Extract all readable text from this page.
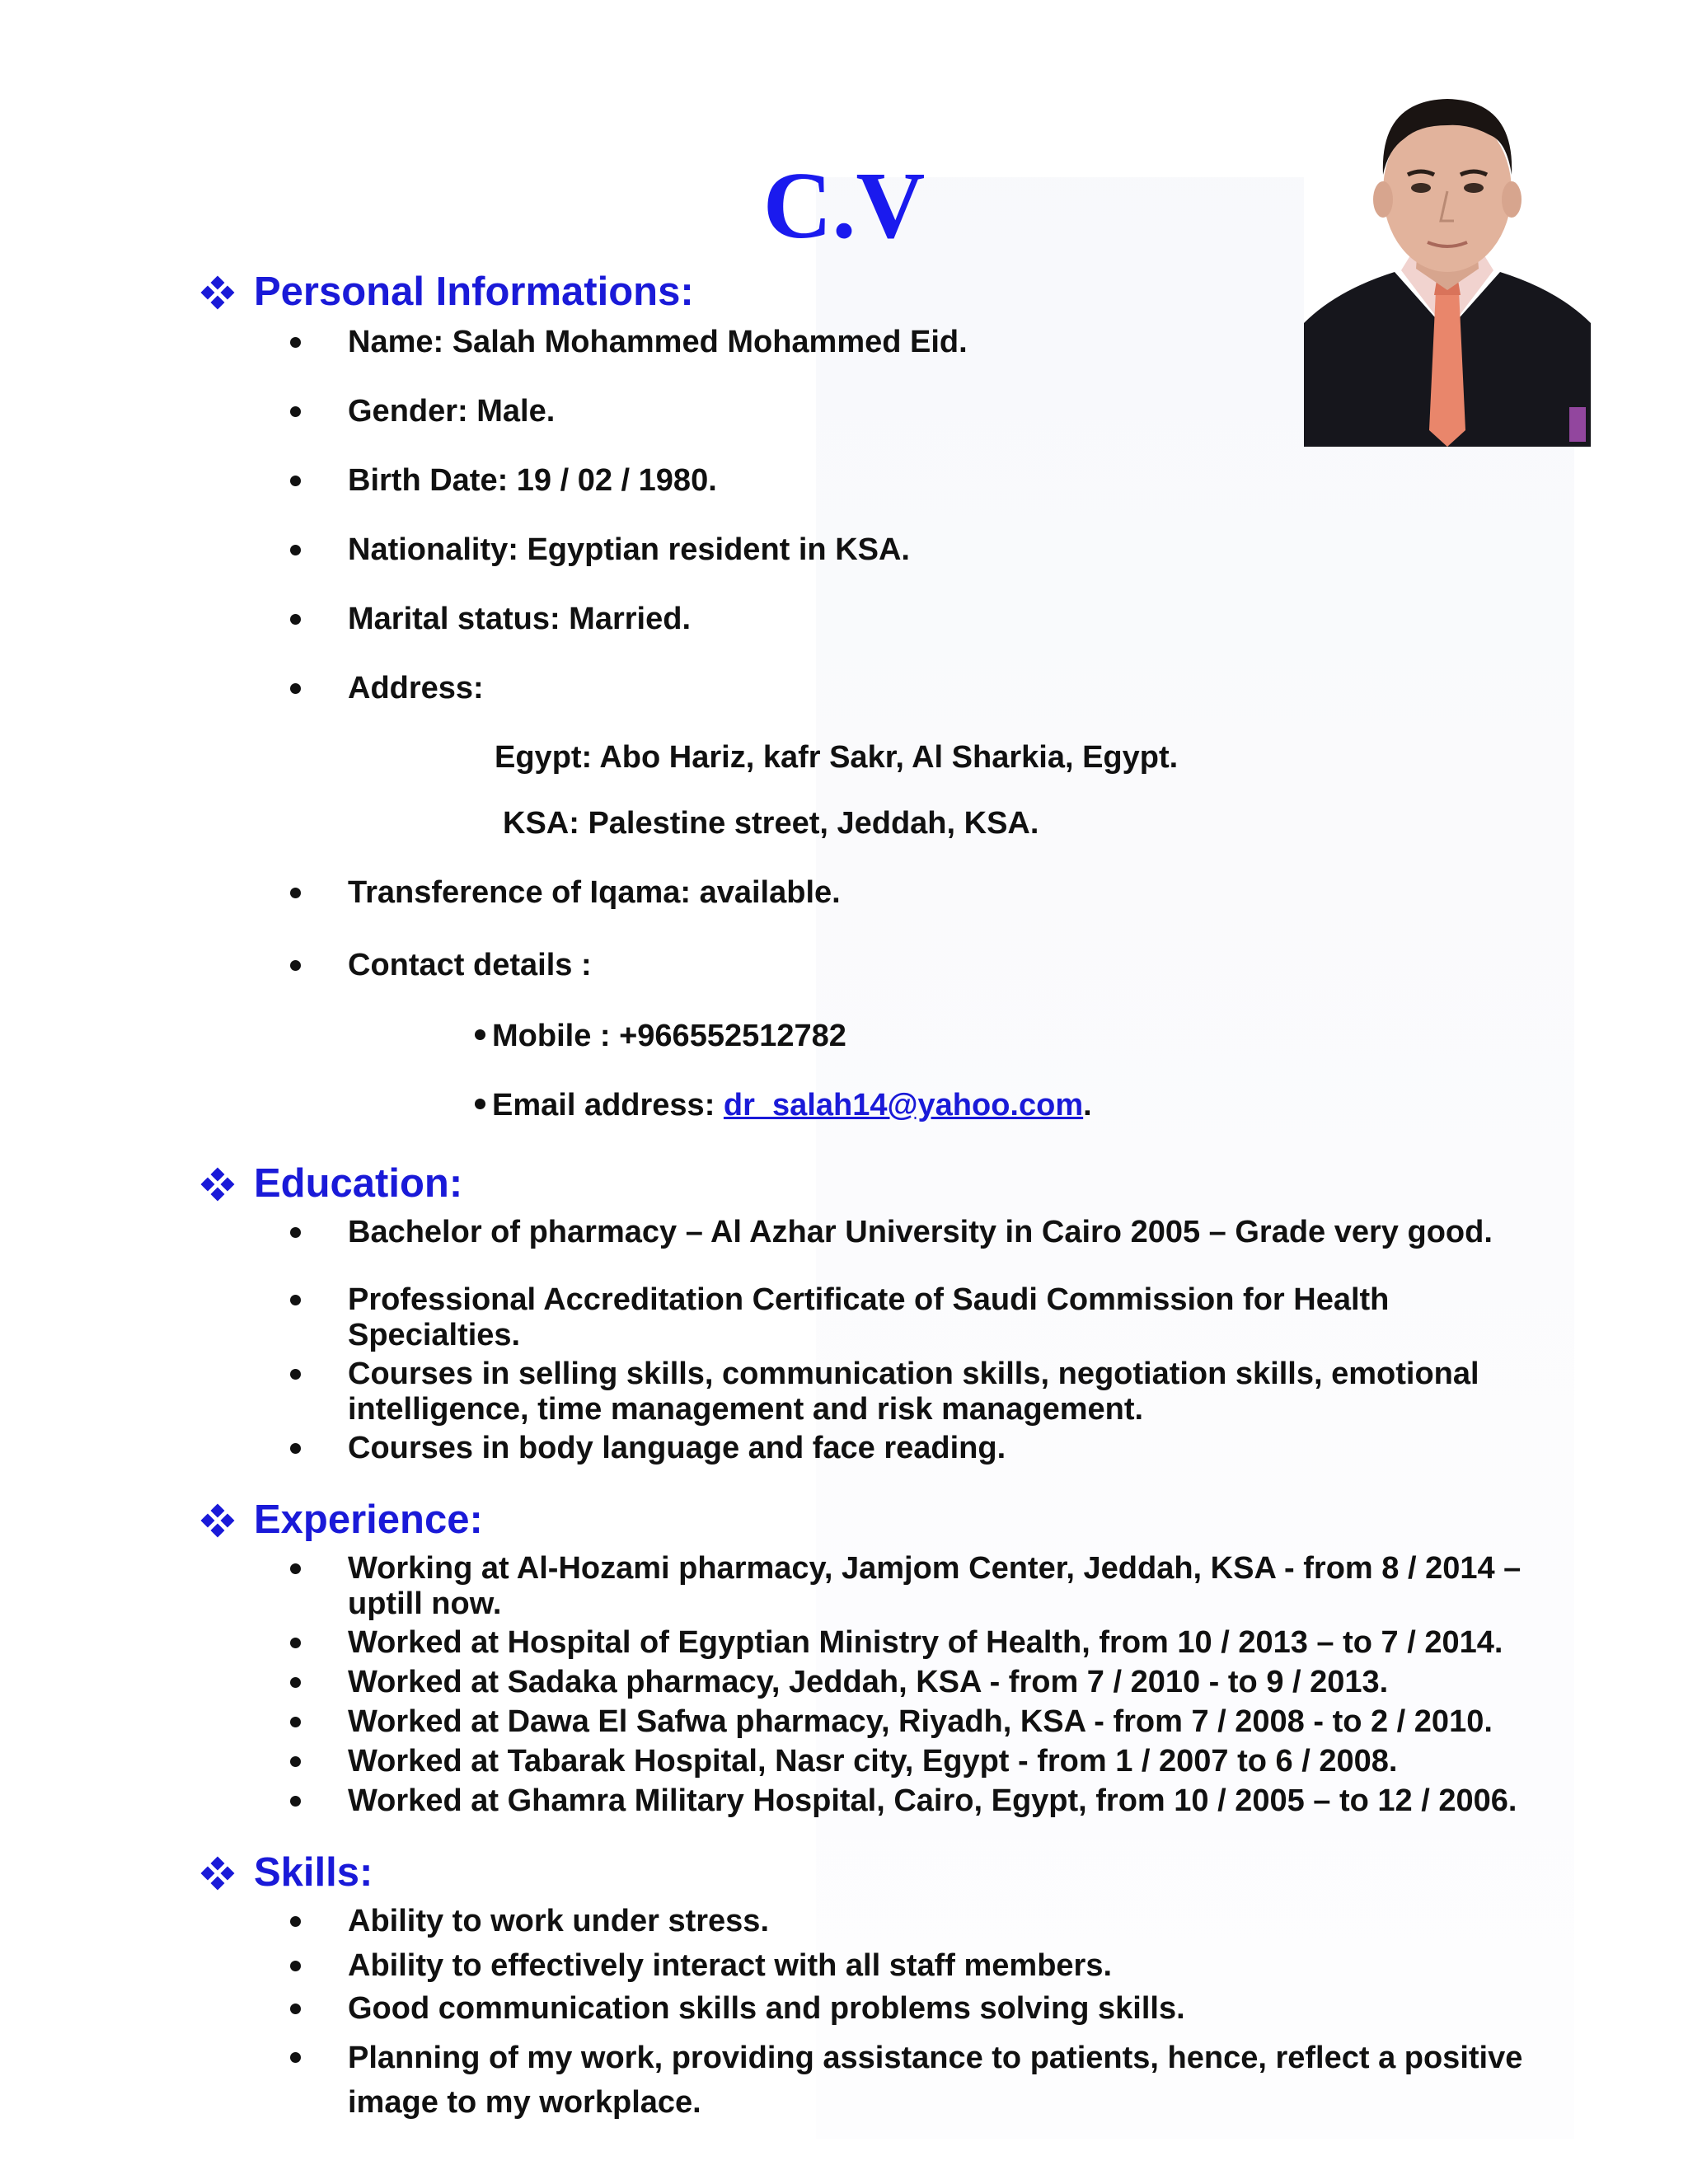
C.V
Personal Informations:
Name: Salah Mohammed Mohammed Eid.
Gender: Male.
Birth Date: 19 / 02 / 1980.
Nationality: Egyptian resident in KSA.
Marital status: Married.
Address:
Egypt: Abo Hariz, kafr Sakr, Al Sharkia, Egypt.
KSA: Palestine street, Jeddah, KSA.
Transference of Iqama: available.
Contact details :
Mobile : +966552512782
Email address: dr_salah14@yahoo.com.
Education:
Bachelor of pharmacy – Al Azhar University in Cairo 2005 – Grade very good.
Professional Accreditation Certificate of Saudi Commission for Health Specialties.
Courses in selling skills, communication skills, negotiation skills, emotional intelligence, time management and risk management.
Courses in body language and face reading.
Experience:
Working at Al-Hozami pharmacy, Jamjom Center, Jeddah, KSA - from 8 / 2014 – uptill now.
Worked at Hospital of Egyptian Ministry of Health, from 10 / 2013 – to 7 / 2014.
Worked at Sadaka pharmacy, Jeddah, KSA - from 7 / 2010 - to 9 / 2013.
Worked at Dawa El Safwa pharmacy, Riyadh, KSA - from 7 / 2008 - to 2 / 2010.
Worked at Tabarak Hospital, Nasr city, Egypt - from 1 / 2007 to 6 / 2008.
Worked at Ghamra Military Hospital, Cairo, Egypt, from 10 / 2005 – to 12 / 2006.
Skills:
Ability to work under stress.
Ability to effectively interact with all staff members.
Good communication skills and problems solving skills.
Planning of my work, providing assistance to patients, hence, reflect a positive image to my workplace.
